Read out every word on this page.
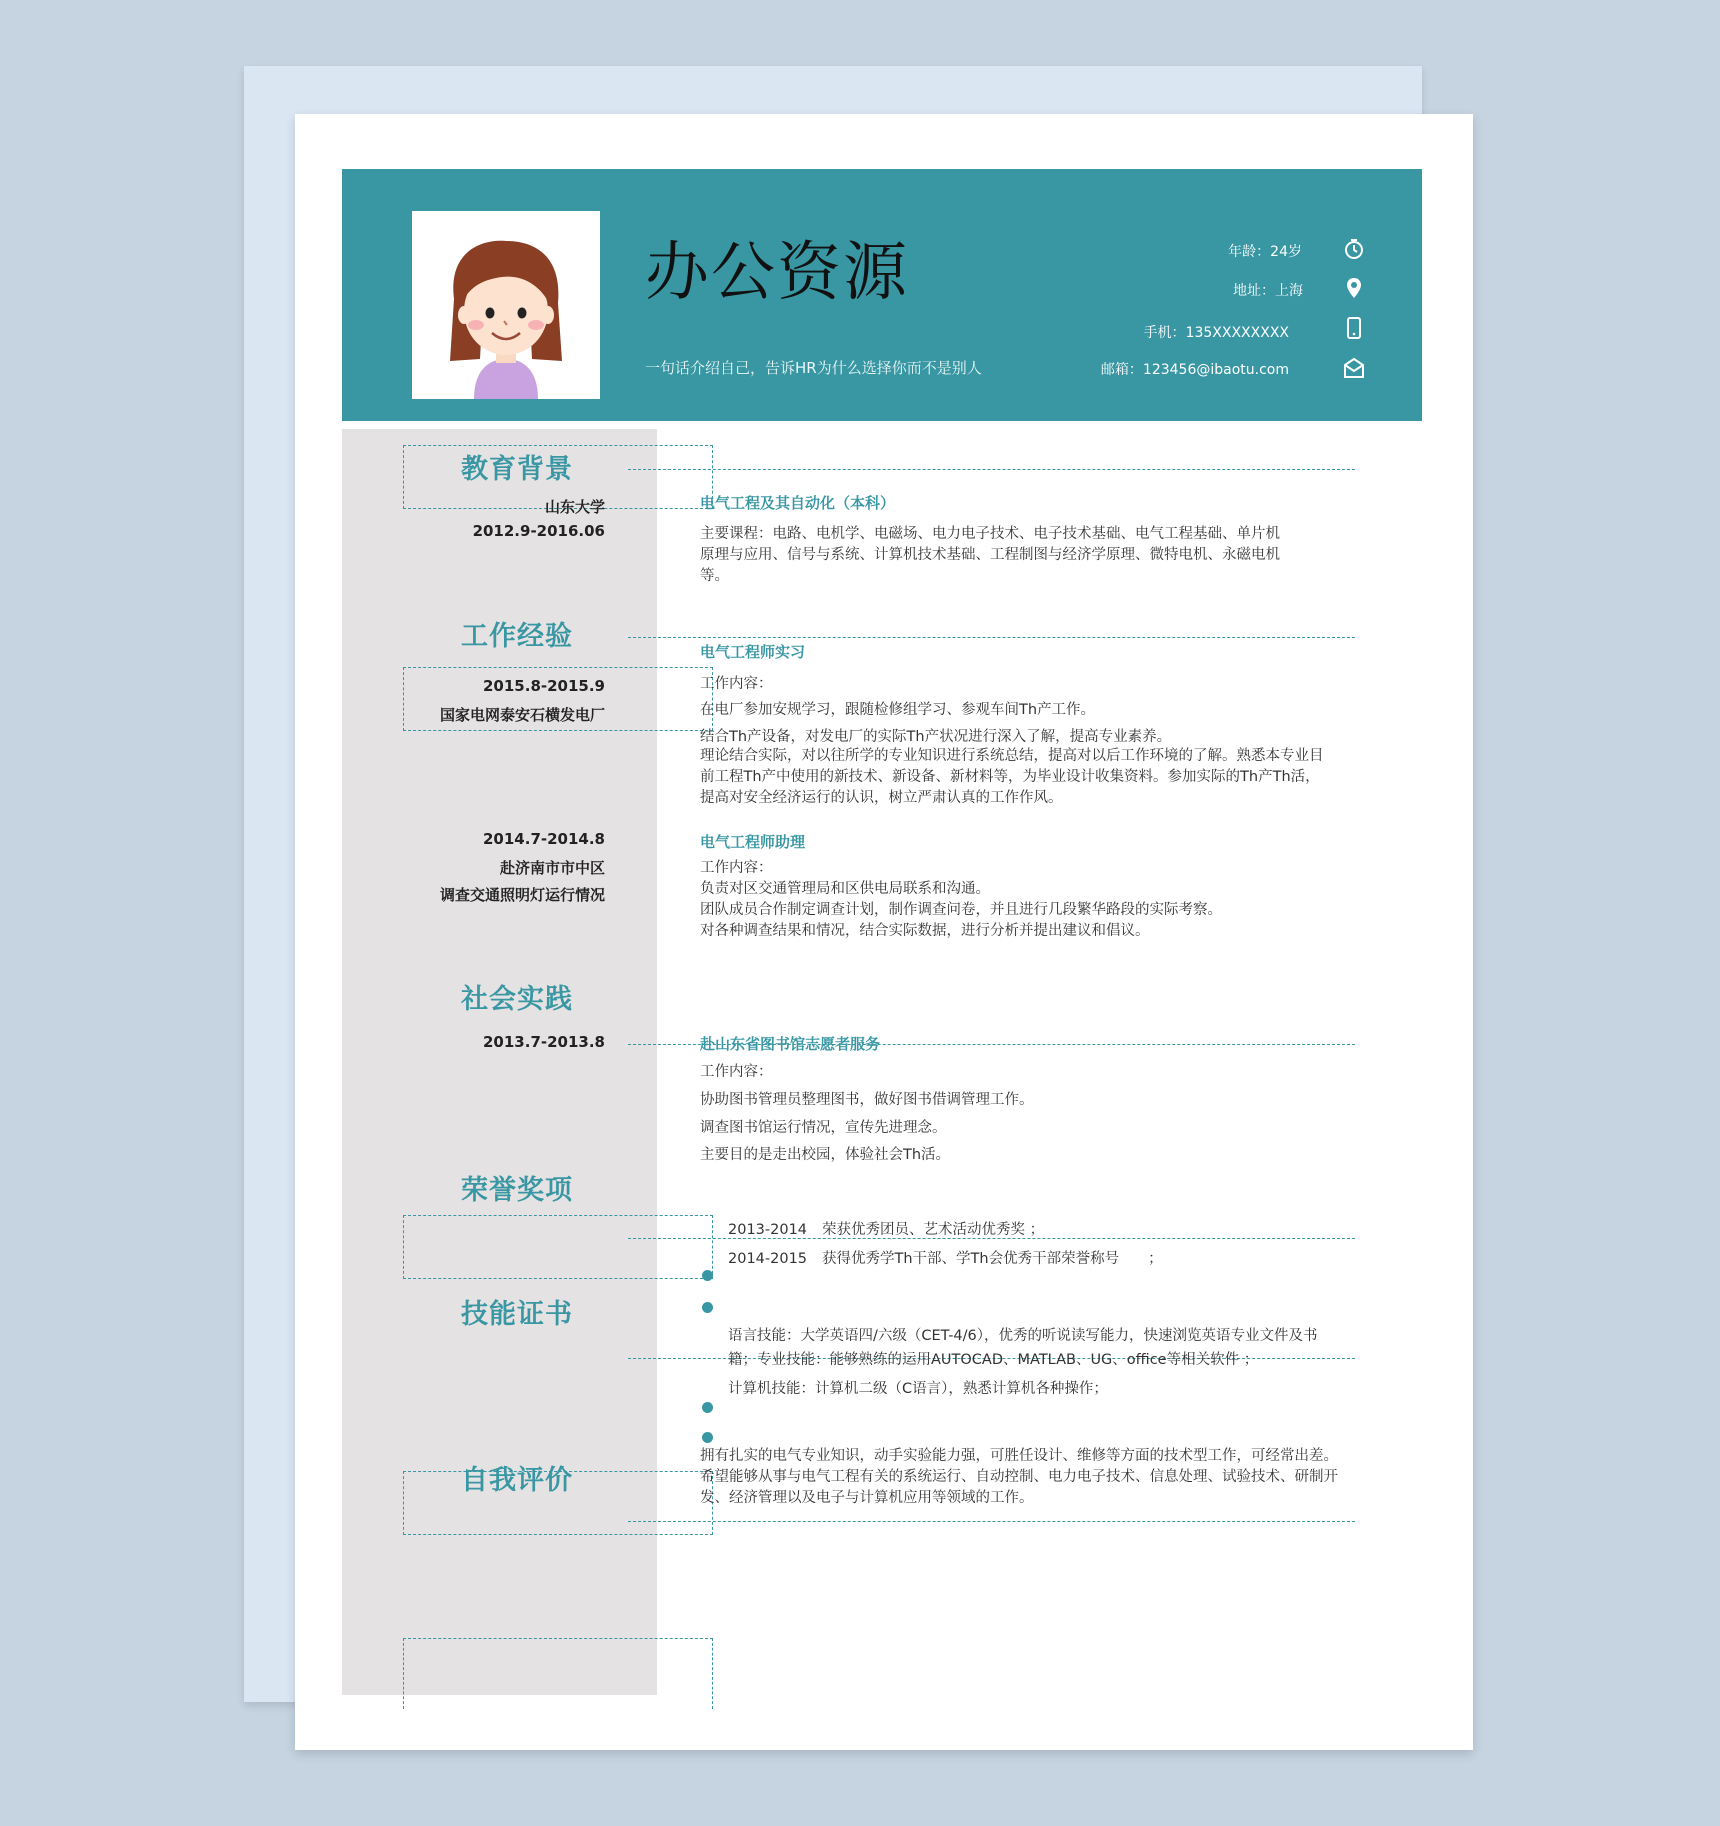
办公资源
一句话介绍自己，告诉HR为什么选择你而不是别人
年龄：24岁
地址：上海
手机：135XXXXXXXX
邮箱：123456@ibaotu.com
教育背景
山东大学
2012.9-2016.06
电气工程及其自动化（本科）
主要课程：电路、电机学、电磁场、电力电子技术、电子技术基础、电气工程基础、单片机原理与应用、信号与系统、计算机技术基础、工程制图与经济学原理、微特电机、永磁电机等。
工作经验
2015.8-2015.9
国家电网泰安石横发电厂
电气工程师实习
工作内容：
在电厂参加安规学习，跟随检修组学习、参观车间Th产工作。
结合Th产设备，对发电厂的实际Th产状况进行深入了解，提高专业素养。
理论结合实际，对以往所学的专业知识进行系统总结，提高对以后工作环境的了解。熟悉本专业目前工程Th产中使用的新技术、新设备、新材料等，为毕业设计收集资料。参加实际的Th产Th活，提高对安全经济运行的认识，树立严肃认真的工作作风。
2014.7-2014.8
赴济南市市中区
调查交通照明灯运行情况
电气工程师助理
工作内容：
负责对区交通管理局和区供电局联系和沟通。
团队成员合作制定调查计划，制作调查问卷，并且进行几段繁华路段的实际考察。
对各种调查结果和情况，结合实际数据，进行分析并提出建议和倡议。
社会实践
2013.7-2013.8	赴山东省图书馆志愿者服务
工作内容：
协助图书管理员整理图书，做好图书借调管理工作。
调查图书馆运行情况，宣传先进理念。
主要目的是走出校园，体验社会Th活。
荣誉奖项
2013-2014 荣获优秀团员、艺术活动优秀奖 ；
2014-2015 获得优秀学Th干部、学Th会优秀干部荣誉称号　　；
技能证书
语言技能：大学英语四/六级（CET-4/6），优秀的听说读写能力，快速浏览英语专业文件及书籍；专业技能：能够熟练的运用AUTOCAD、MATLAB、UG、office等相关软件 ；
计算机技能：计算机二级（C语言），熟悉计算机各种操作；
自我评价
拥有扎实的电气专业知识，动手实验能力强，可胜任设计、维修等方面的技术型工作，可经常出差。希望能够从事与电气工程有关的系统运行、自动控制、电力电子技术、信息处理、试验技术、研制开发、经济管理以及电子与计算机应用等领域的工作。
